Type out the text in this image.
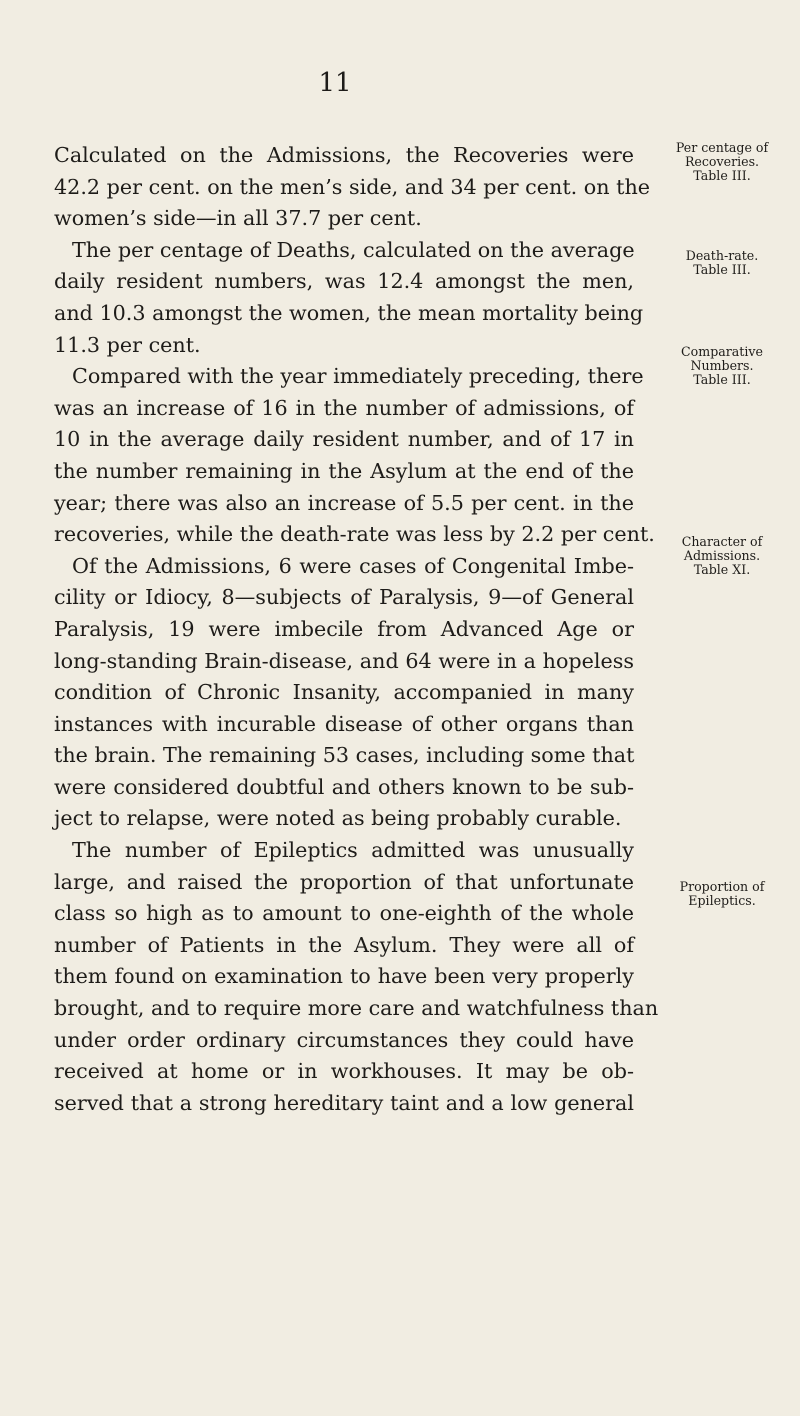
11
Calculated on the Admissions, the Recoveries were
42.2 per cent. on the men’s side, and 34 per cent. on the
women’s side—in all 37.7 per cent.
The per centage of Deaths, calculated on the average
daily resident numbers, was 12.4 amongst the men,
and 10.3 amongst the women, the mean mortality being
11.3 per cent.
Compared with the year immediately preceding, there
was an increase of 16 in the number of admissions, of
10 in the average daily resident number, and of 17 in
the number remaining in the Asylum at the end of the
year; there was also an increase of 5.5 per cent. in the
recoveries, while the death-rate was less by 2.2 per cent.
Of the Admissions, 6 were cases of Congenital Imbe-
cility or Idiocy, 8—subjects of Paralysis, 9—of General
Paralysis, 19 were imbecile from Advanced Age or
long-standing Brain-disease, and 64 were in a hopeless
condition of Chronic Insanity, accompanied in many
instances with incurable disease of other organs than
the brain. The remaining 53 cases, including some that
were considered doubtful and others known to be sub-
ject to relapse, were noted as being probably curable.
The number of Epileptics admitted was unusually
large, and raised the proportion of that unfortunate
class so high as to amount to one-eighth of the whole
number of Patients in the Asylum. They were all of
them found on examination to have been very properly
brought, and to require more care and watchfulness than
under order ordinary circumstances they could have
received at home or in workhouses. It may be ob-
served that a strong hereditary taint and a low general
Per centage of
Recoveries.
Table III.
Death-rate.
Table III.
Comparative
Numbers.
Table III.
Character of
Admissions.
Table XI.
Proportion of
Epileptics.
